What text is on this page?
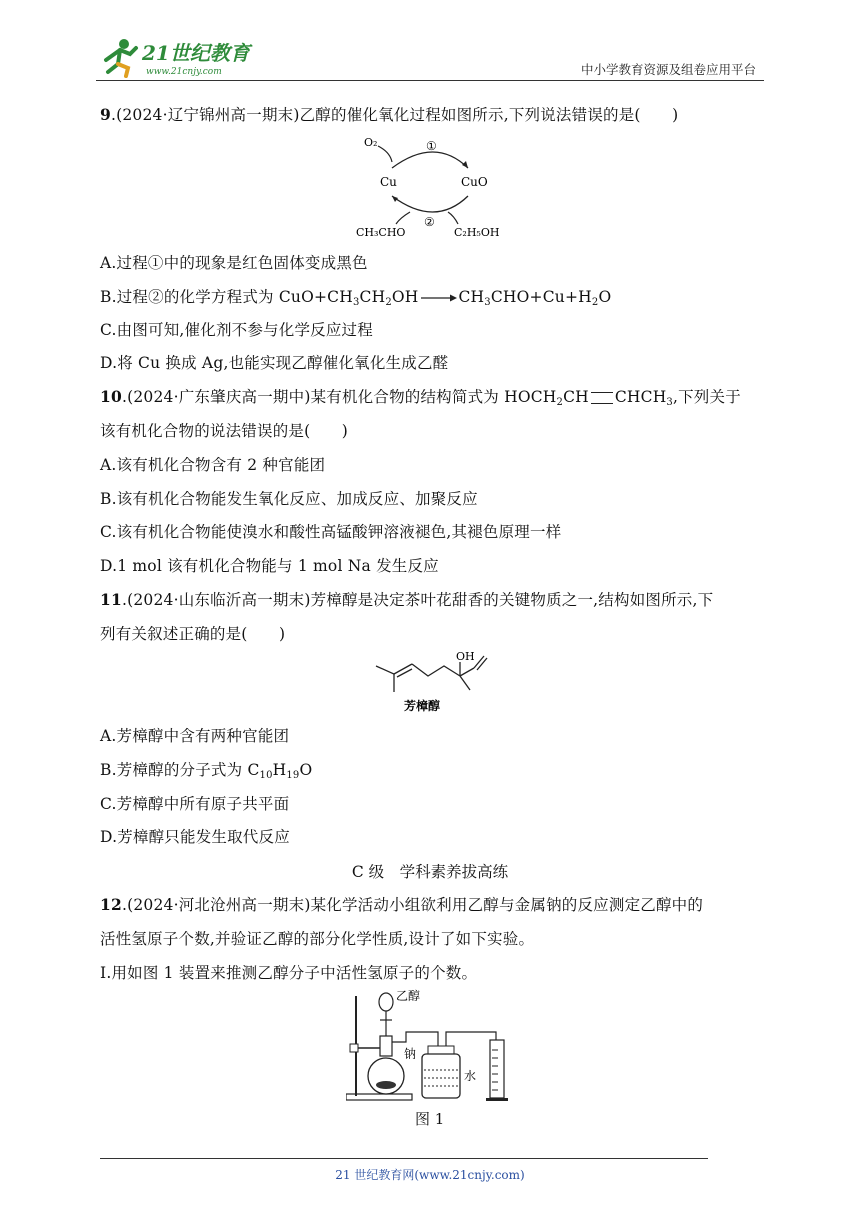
21世纪教育
www.21cnjy.com	中小学教育资源及组卷应用平台
9.(2024·辽宁锦州高一期末)乙醇的催化氧化过程如图所示,下列说法错误的是(　　)
O₂	①
Cu	CuO
②
CH₃CHO	C₂H₅OH
A.过程①中的现象是红色固体变成黑色
B.过程②的化学方程式为 $CuO+CH_3CH_2OH\to CH_3CHO+Cu+H_2O$
C.由图可知,催化剂不参与化学反应过程
D.将 Cu 换成 Ag,也能实现乙醇催化氧化生成乙醛
10.(2024·广东肇庆高一期中)某有机化合物的结构简式为 $HOCH_2CH$ $CHCH_3$,下列关于
该有机化合物的说法错误的是(　　)
A.该有机化合物含有 2 种官能团
B.该有机化合物能发生氧化反应、加成反应、加聚反应
C.该有机化合物能使溴水和酸性高锰酸钾溶液褪色,其褪色原理一样
D.1 mol 该有机化合物能与 1 mol Na 发生反应
11.(2024·山东临沂高一期末)芳樟醇是决定茶叶花甜香的关键物质之一,结构如图所示,下
列有关叙述正确的是(　　)
OH
芳樟醇
A.芳樟醇中含有两种官能团
B.芳樟醇的分子式为 $C_{10}H_{19}O$
C.芳樟醇中所有原子共平面
D.芳樟醇只能发生取代反应
C 级　学科素养拔高练
12.(2024·河北沧州高一期末)某化学活动小组欲利用乙醇与金属钠的反应测定乙醇中的
活性氢原子个数,并验证乙醇的部分化学性质,设计了如下实验。
Ⅰ.用如图 1 装置来推测乙醇分子中活性氢原子的个数。
乙醇
钠
水
图 1
21 世纪教育网(www.21cnjy.com)
